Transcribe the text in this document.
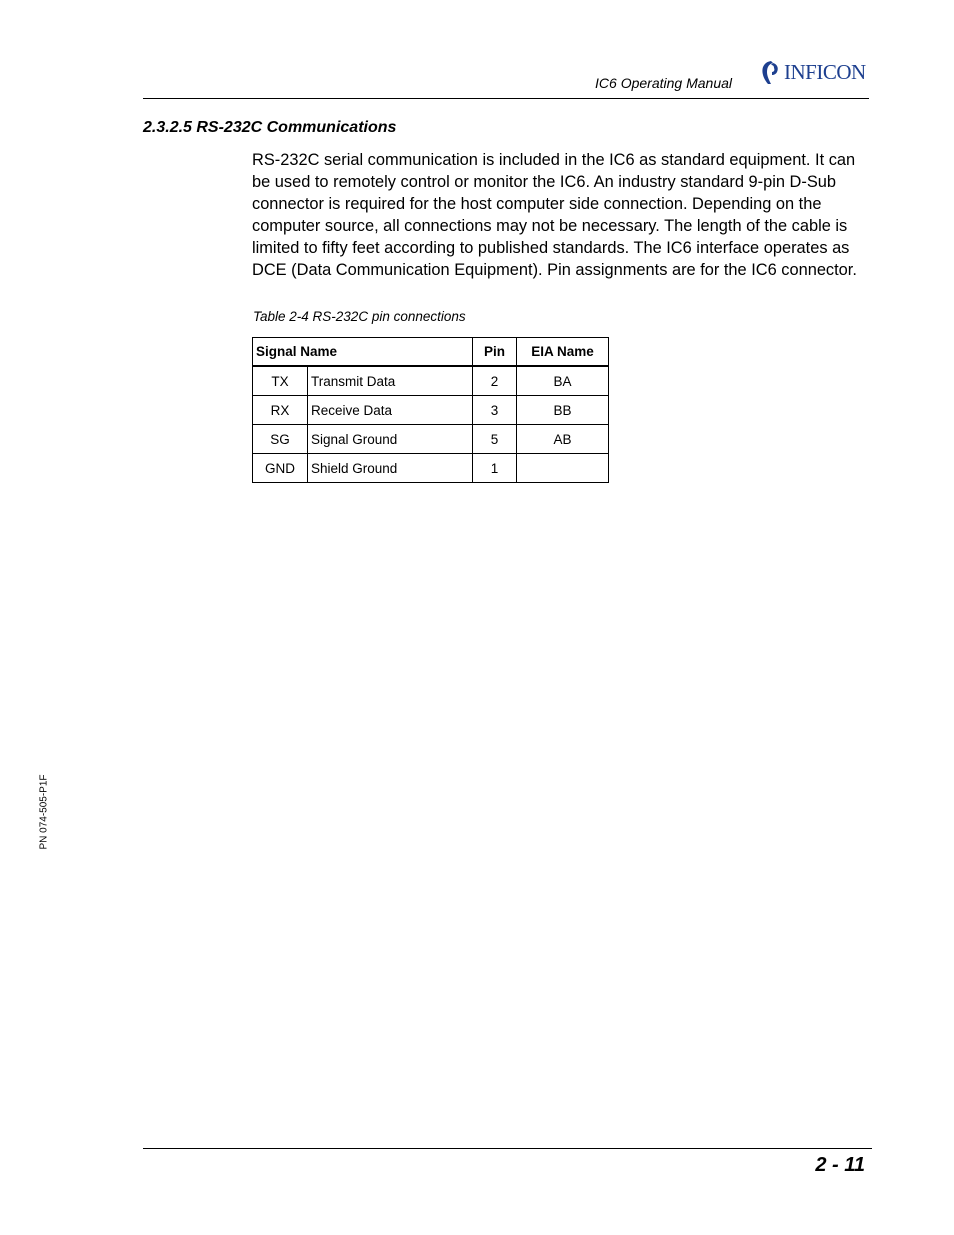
IC6 Operating Manual INFICON
2.3.2.5 RS-232C Communications

RS-232C serial communication is included in the IC6 as standard equipment. It can be used to remotely control or monitor the IC6. An industry standard 9-pin D-Sub connector is required for the host computer side connection. Depending on the computer source, all connections may not be necessary. The length of the cable is limited to fifty feet according to published standards. The IC6 interface operates as DCE (Data Communication Equipment). Pin assignments are for the IC6 connector.

Table 2-4 RS-232C pin connections
Signal Name		Pin	EIA Name
TX	Transmit Data	2	BA
RX	Receive Data	3	BB
SG	Signal Ground	5	AB
GND	Shield Ground	1	
PN 074-505-P1F
2 - 11
